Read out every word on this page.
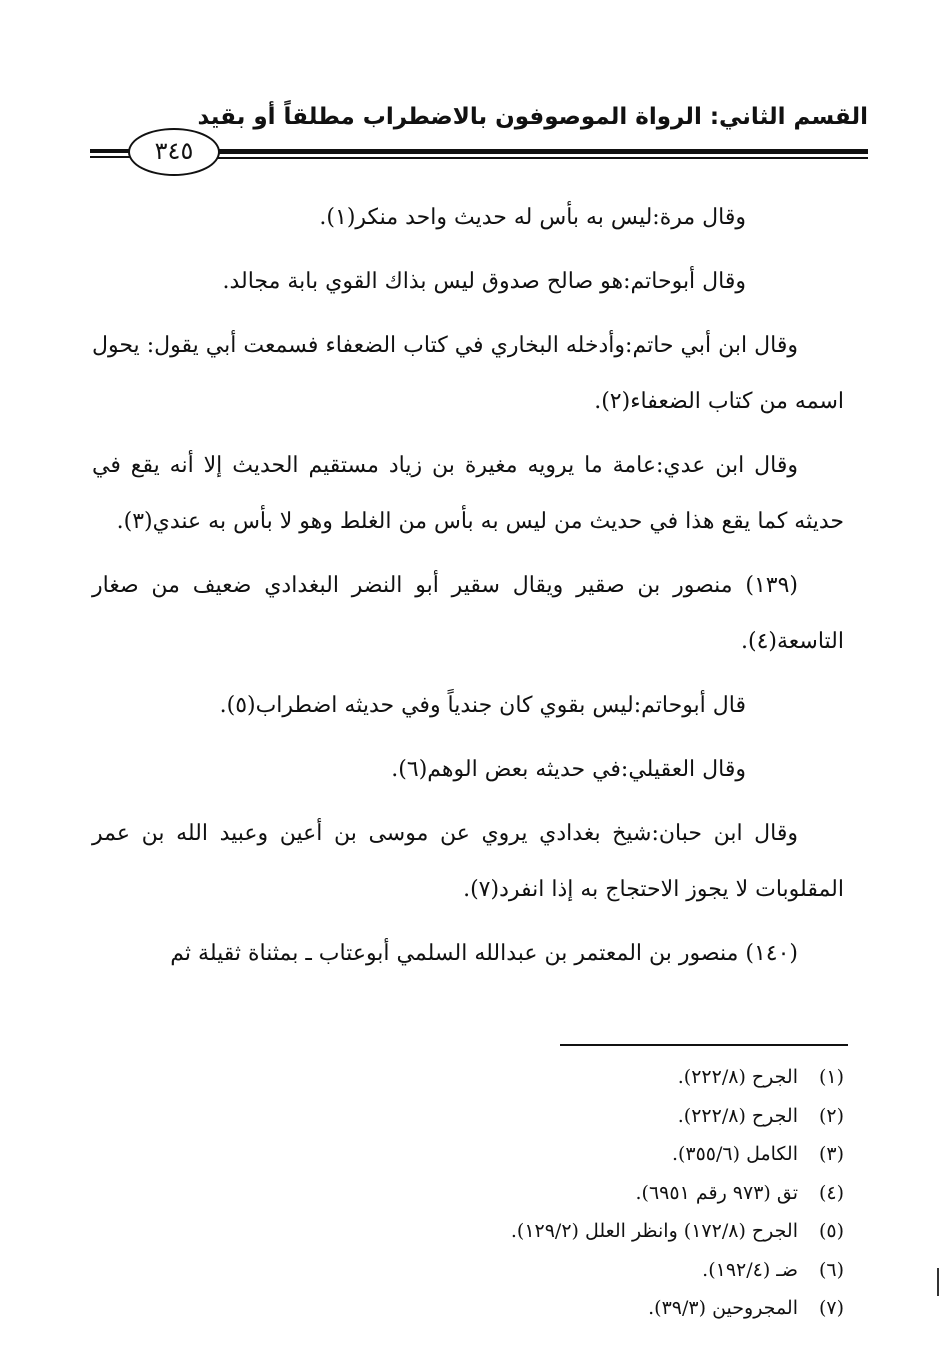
القسم الثاني: الرواة الموصوفون بالاضطراب مطلقاً أو بقيد
٣٤٥

وقال مرة:ليس به بأس له حديث واحد منكر(١).

وقال أبوحاتم:هو صالح صدوق ليس بذاك القوي بابة مجالد.

وقال ابن أبي حاتم:وأدخله البخاري في كتاب الضعفاء فسمعت أبي يقول: يحول اسمه من كتاب الضعفاء(٢).

وقال ابن عدي:عامة ما يرويه مغيرة بن زياد مستقيم الحديث إلا أنه يقع في حديثه كما يقع هذا في حديث من ليس به بأس من الغلط وهو لا بأس به عندي(٣).

(١٣٩) منصور بن صقير ويقال سقير أبو النضر البغدادي ضعيف من صغار التاسعة(٤).

قال أبوحاتم:ليس بقوي كان جندياً وفي حديثه اضطراب(٥).

وقال العقيلي:في حديثه بعض الوهم(٦).

وقال ابن حبان:شيخ بغدادي يروي عن موسى بن أعين وعبيد الله بن عمر المقلوبات لا يجوز الاحتجاج به إذا انفرد(٧).

(١٤٠) منصور بن المعتمر بن عبدالله السلمي أبوعتاب ـ بمثناة ثقيلة ثم

(١)الجرح (٢٢٢/٨).
(٢)الجرح (٢٢٢/٨).
(٣)الكامل (٣٥٥/٦).
(٤)تق (٩٧٣ رقم ٦٩٥١).
(٥)الجرح (١٧٢/٨) وانظر العلل (١٢٩/٢).
(٦)ضـ (١٩٢/٤).
(٧)المجروحين (٣٩/٣).
